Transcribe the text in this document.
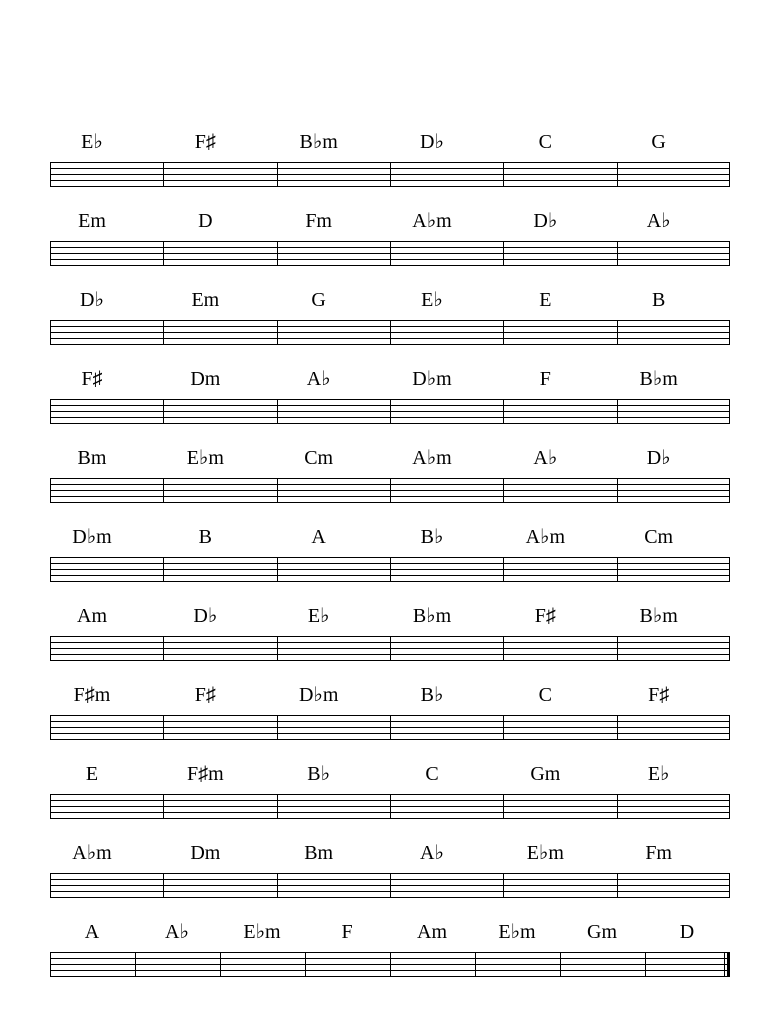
E♭	F♯	B♭m	D♭	C	G
Em	D	Fm	A♭m	D♭	A♭
D♭	Em	G	E♭	E	B
F♯	Dm	A♭	D♭m	F	B♭m
Bm	E♭m	Cm	A♭m	A♭	D♭
D♭m	B	A	B♭	A♭m	Cm
Am	D♭	E♭	B♭m	F♯	B♭m
F♯m	F♯	D♭m	B♭	C	F♯
E	F♯m	B♭	C	Gm	E♭
A♭m	Dm	Bm	A♭	E♭m	Fm
A	A♭	E♭m	F	Am	E♭m	Gm	D
